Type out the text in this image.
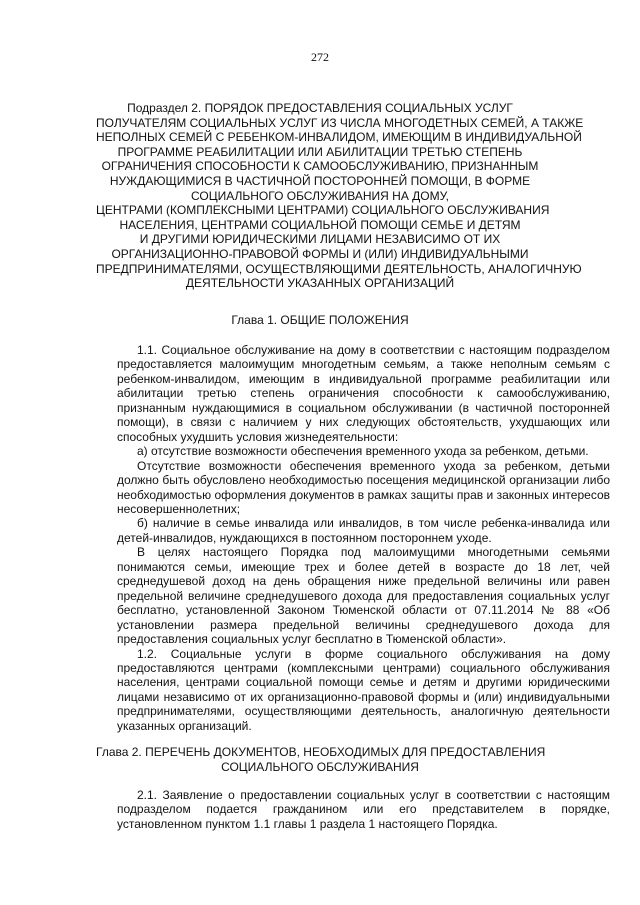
272
Подраздел 2. ПОРЯДОК ПРЕДОСТАВЛЕНИЯ СОЦИАЛЬНЫХ УСЛУГ
ПОЛУЧАТЕЛЯМ СОЦИАЛЬНЫХ УСЛУГ ИЗ ЧИСЛА МНОГОДЕТНЫХ СЕМЕЙ, А ТАКЖЕ
НЕПОЛНЫХ СЕМЕЙ С РЕБЕНКОМ-ИНВАЛИДОМ, ИМЕЮЩИМ В ИНДИВИДУАЛЬНОЙ
ПРОГРАММЕ РЕАБИЛИТАЦИИ ИЛИ АБИЛИТАЦИИ ТРЕТЬЮ СТЕПЕНЬ
ОГРАНИЧЕНИЯ СПОСОБНОСТИ К САМООБСЛУЖИВАНИЮ, ПРИЗНАННЫМ
НУЖДАЮЩИМИСЯ В ЧАСТИЧНОЙ ПОСТОРОННЕЙ ПОМОЩИ, В ФОРМЕ
СОЦИАЛЬНОГО ОБСЛУЖИВАНИЯ НА ДОМУ,
ЦЕНТРАМИ (КОМПЛЕКСНЫМИ ЦЕНТРАМИ) СОЦИАЛЬНОГО ОБСЛУЖИВАНИЯ
НАСЕЛЕНИЯ, ЦЕНТРАМИ СОЦИАЛЬНОЙ ПОМОЩИ СЕМЬЕ И ДЕТЯМ
И ДРУГИМИ ЮРИДИЧЕСКИМИ ЛИЦАМИ НЕЗАВИСИМО ОТ ИХ
ОРГАНИЗАЦИОННО-ПРАВОВОЙ ФОРМЫ И (ИЛИ) ИНДИВИДУАЛЬНЫМИ
ПРЕДПРИНИМАТЕЛЯМИ, ОСУЩЕСТВЛЯЮЩИМИ ДЕЯТЕЛЬНОСТЬ, АНАЛОГИЧНУЮ
ДЕЯТЕЛЬНОСТИ УКАЗАННЫХ ОРГАНИЗАЦИЙ
Глава 1. ОБЩИЕ ПОЛОЖЕНИЯ

1.1. Социальное обслуживание на дому в соответствии с настоящим подразделом предоставляется малоимущим многодетным семьям, а также неполным семьям с ребенком-инвалидом, имеющим в индивидуальной программе реабилитации или абилитации третью степень ограничения способности к самообслуживанию, признанным нуждающимися в социальном обслуживании (в частичной посторонней помощи), в связи с наличием у них следующих обстоятельств, ухудшающих или способных ухудшить условия жизнедеятельности:

а) отсутствие возможности обеспечения временного ухода за ребенком, детьми.

Отсутствие возможности обеспечения временного ухода за ребенком, детьми должно быть обусловлено необходимостью посещения медицинской организации либо необходимостью оформления документов в рамках защиты прав и законных интересов несовершеннолетних;

б) наличие в семье инвалида или инвалидов, в том числе ребенка-инвалида или детей-инвалидов, нуждающихся в постоянном постороннем уходе.

В целях настоящего Порядка под малоимущими многодетными семьями понимаются семьи, имеющие трех и более детей в возрасте до 18 лет, чей среднедушевой доход на день обращения ниже предельной величины или равен предельной величине среднедушевого дохода для предоставления социальных услуг бесплатно, установленной Законом Тюменской области от 07.11.2014 № 88 «Об установлении размера предельной величины среднедушевого дохода для предоставления социальных услуг бесплатно в Тюменской области».

1.2. Социальные услуги в форме социального обслуживания на дому предоставляются центрами (комплексными центрами) социального обслуживания населения, центрами социальной помощи семье и детям и другими юридическими лицами независимо от их организационно-правовой формы и (или) индивидуальными предпринимателями, осуществляющими деятельность, аналогичную деятельности указанных организаций.

Глава 2. ПЕРЕЧЕНЬ ДОКУМЕНТОВ, НЕОБХОДИМЫХ ДЛЯ ПРЕДОСТАВЛЕНИЯ
СОЦИАЛЬНОГО ОБСЛУЖИВАНИЯ

2.1. Заявление о предоставлении социальных услуг в соответствии с настоящим подразделом подается гражданином или его представителем в порядке, установленном пунктом 1.1 главы 1 раздела 1 настоящего Порядка.
